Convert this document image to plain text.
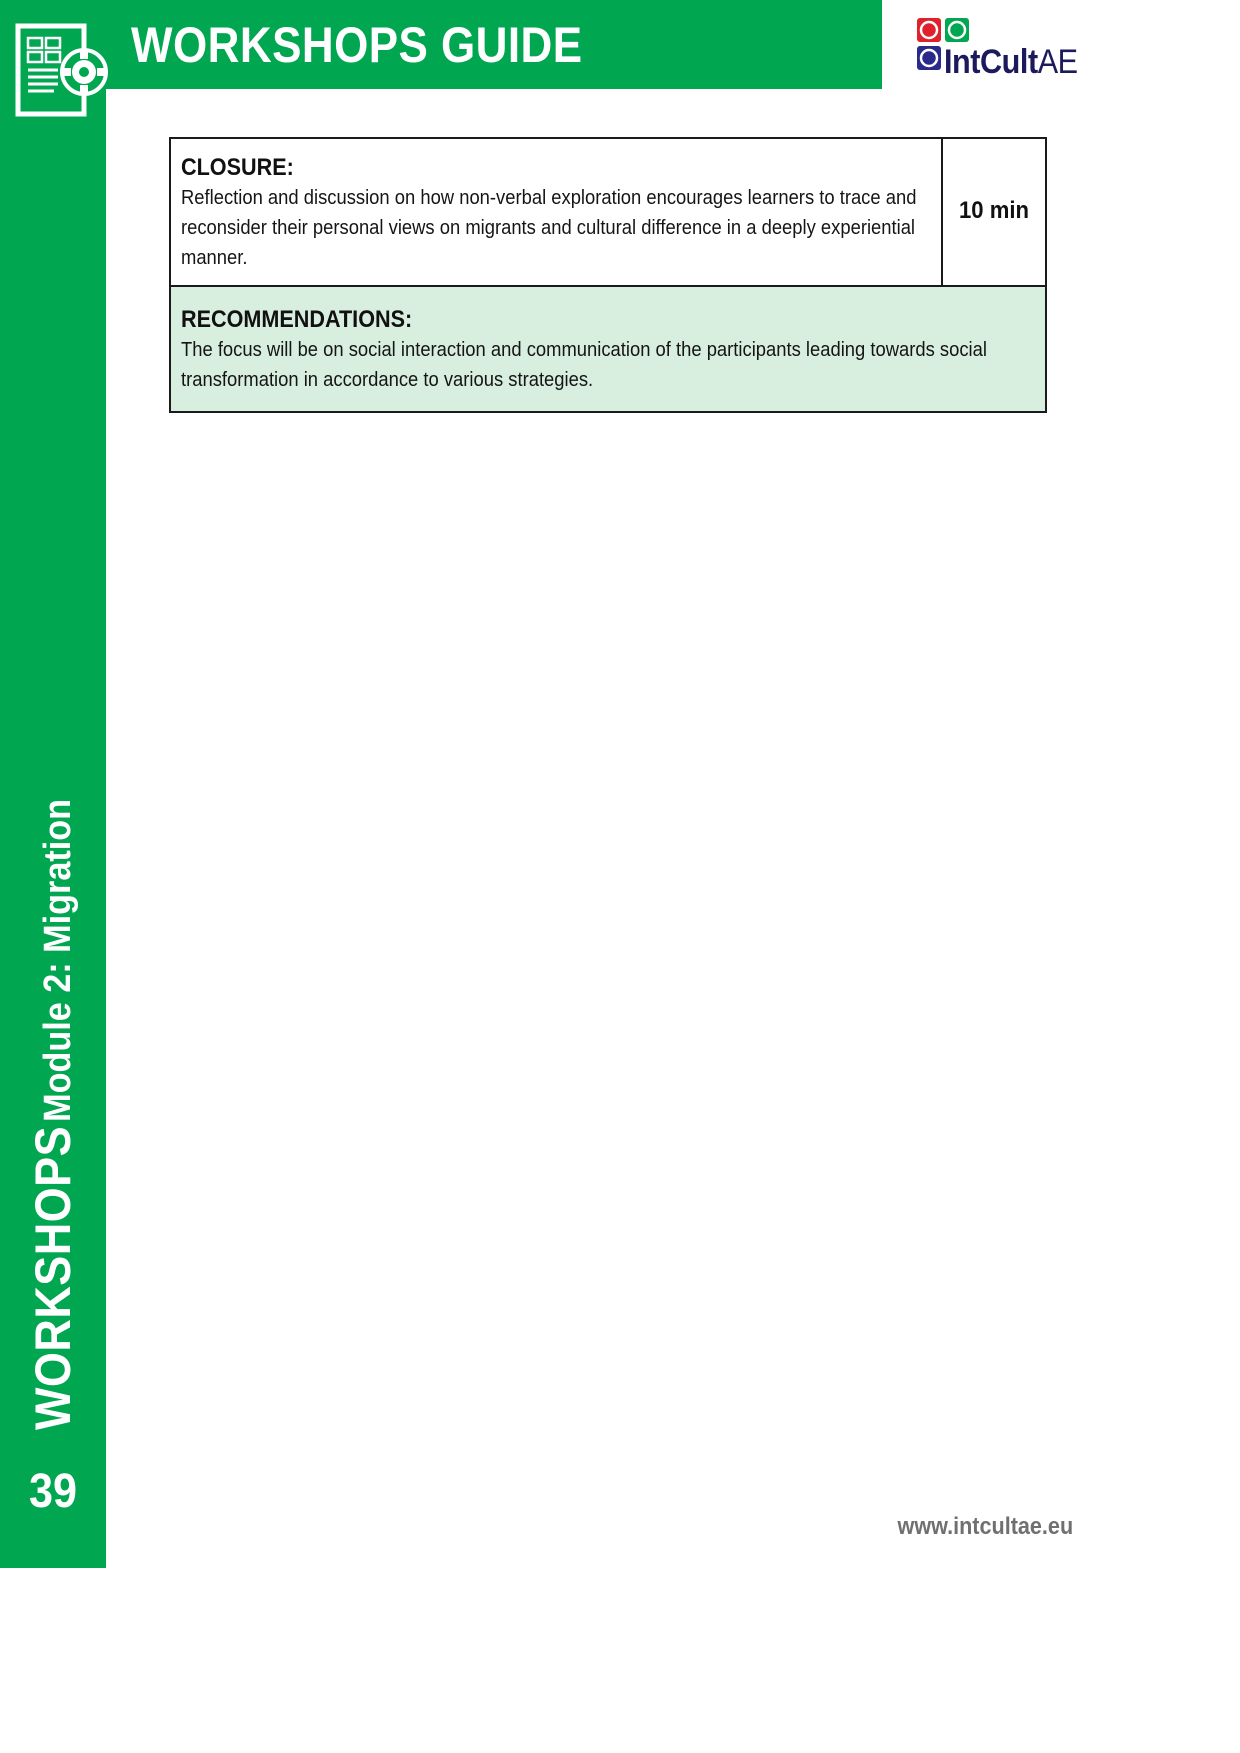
WORKSHOPS GUIDE	IntCultAE
CLOSURE:
Reflection and discussion on how non-verbal exploration encourages learners to trace and reconsider their personal views on migrants and cultural difference in a deeply experiential manner.
10 min
RECOMMENDATIONS:
The focus will be on social interaction and communication of the participants leading towards social transformation in accordance to various strategies.
WORKSHOPS Module 2: Migration
39
www.intcultae.eu
